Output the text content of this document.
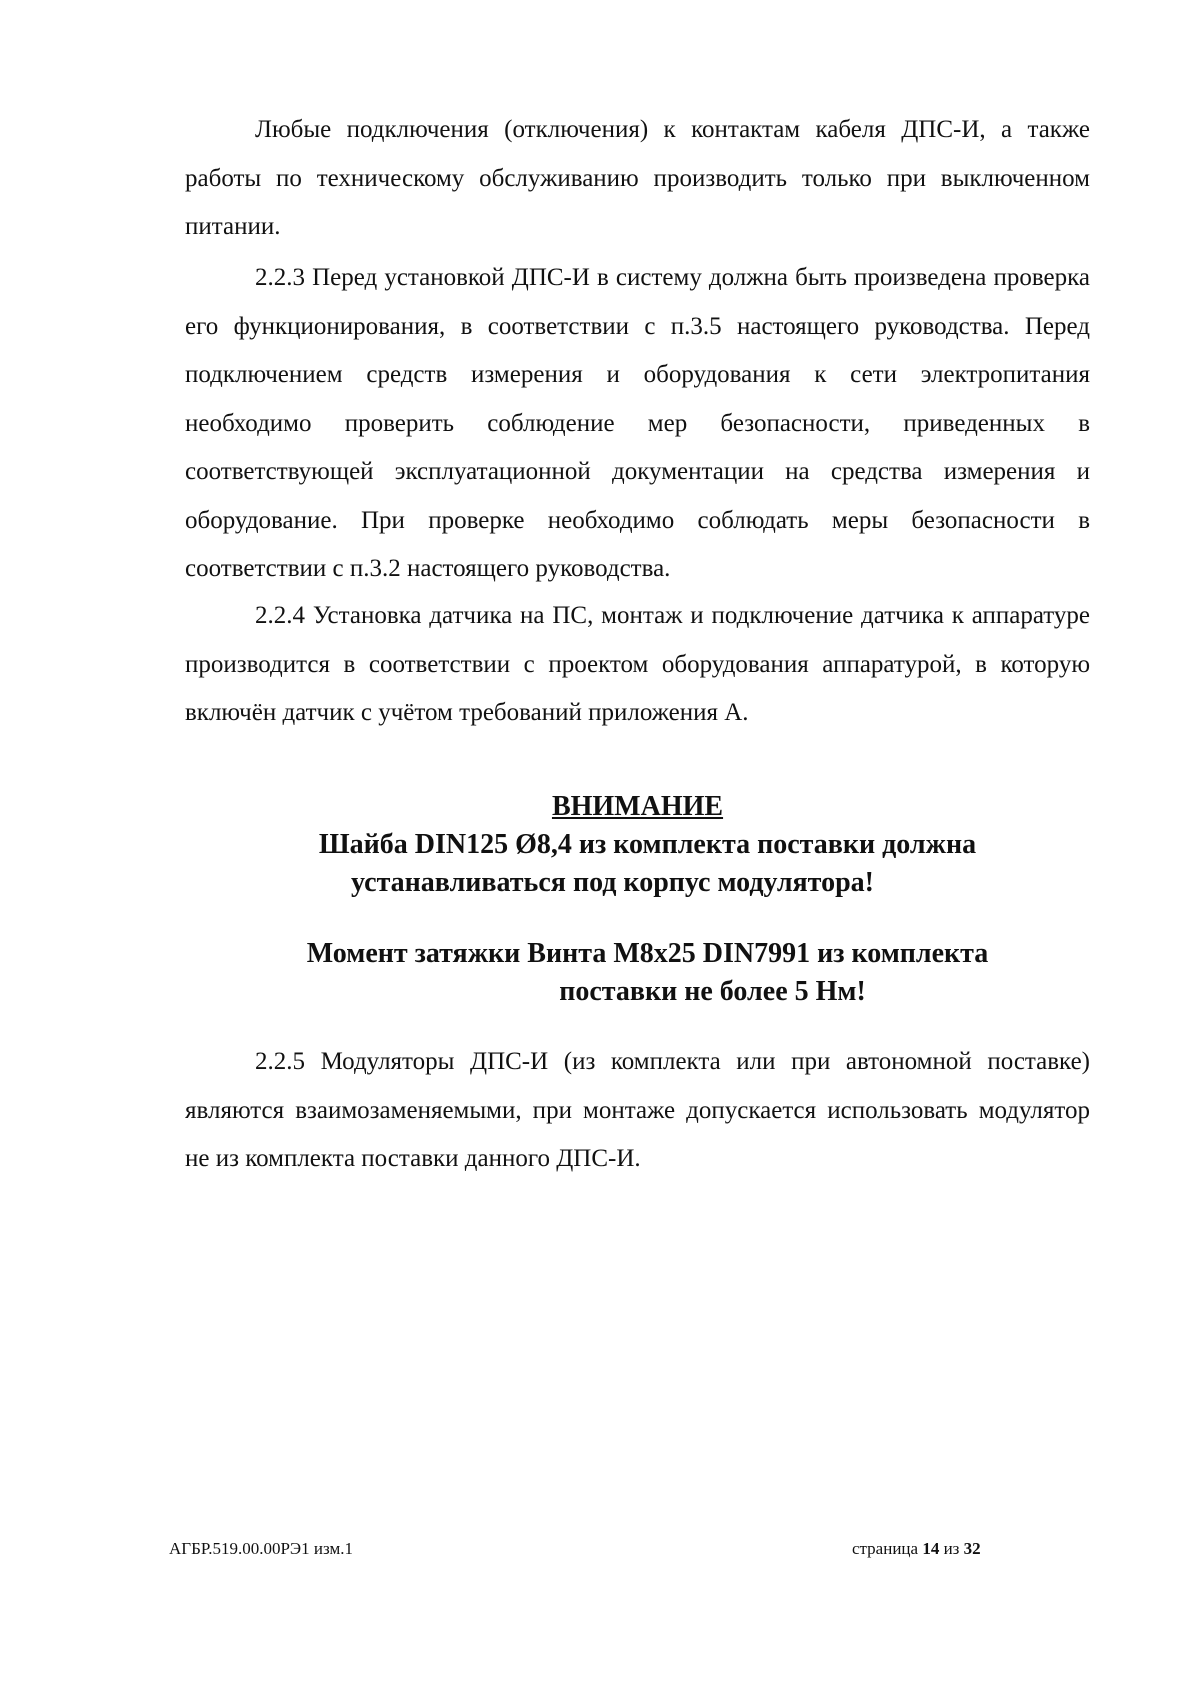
Любые подключения (отключения) к контактам кабеля ДПС-И, а также работы по техническому обслуживанию производить только при выключенном питании.

2.2.3 Перед установкой ДПС-И в систему должна быть произведена проверка его функционирования, в соответствии с п.3.5 настоящего руководства. Перед подключением средств измерения и оборудования к сети электропитания необходимо проверить соблюдение мер безопасности, приведенных в соответствующей эксплуатационной документации на средства измерения и оборудование. При проверке необходимо соблюдать меры безопасности в соответствии с п.3.2 настоящего руководства.

2.2.4 Установка датчика на ПС, монтаж и подключение датчика к аппаратуре производится в соответствии с проектом оборудования аппаратурой, в которую включён датчик с учётом требований приложения А.

ВНИМАНИЕ
Шайба DIN125 Ø8,4 из комплекта поставки должна
устанавливаться под корпус модулятора!
Момент затяжки Винта М8х25 DIN7991 из комплекта
поставки не более 5 Нм!

2.2.5 Модуляторы ДПС-И (из комплекта или при автономной поставке) являются взаимозаменяемыми, при монтаже допускается использовать модулятор не из комплекта поставки данного ДПС-И.

АГБР.519.00.00РЭ1 изм.1	страница 14 из 32
